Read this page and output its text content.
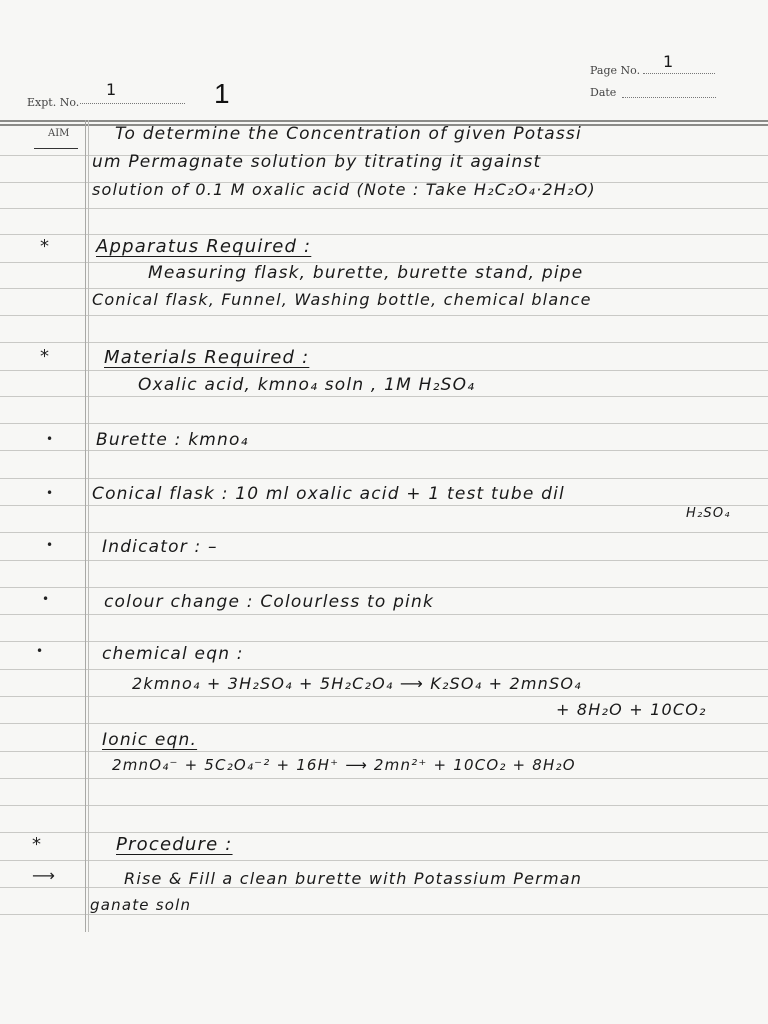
Page No. 1
Date
Expt. No.
1	1
AIM	To determine the Concentration of given Potassi
um Permagnate solution by titrating it against
solution of 0.1 M oxalic acid (Note : Take H₂C₂O₄·2H₂O)
*	Apparatus Required :
Measuring flask, burette, burette stand, pipe
Conical flask, Funnel, Washing bottle, chemical blance
*	Materials Required :
Oxalic acid, kmno₄ soln , 1M H₂SO₄
•	Burette : kmno₄
• Conical flask : 10 ml oxalic acid + 1 test tube dil
H₂SO₄
•	Indicator : –
•	colour change : Colourless to pink
•	chemical eqn :
2kmno₄ + 3H₂SO₄ + 5H₂C₂O₄ ⟶ K₂SO₄ + 2mnSO₄
+ 8H₂O + 10CO₂
Ionic eqn.
2mnO₄⁻ + 5C₂O₄⁻² + 16H⁺ ⟶ 2mn²⁺ + 10CO₂ + 8H₂O
*	Procedure :
⟶	Rise & Fill a clean burette with Potassium Perman
ganate soln
